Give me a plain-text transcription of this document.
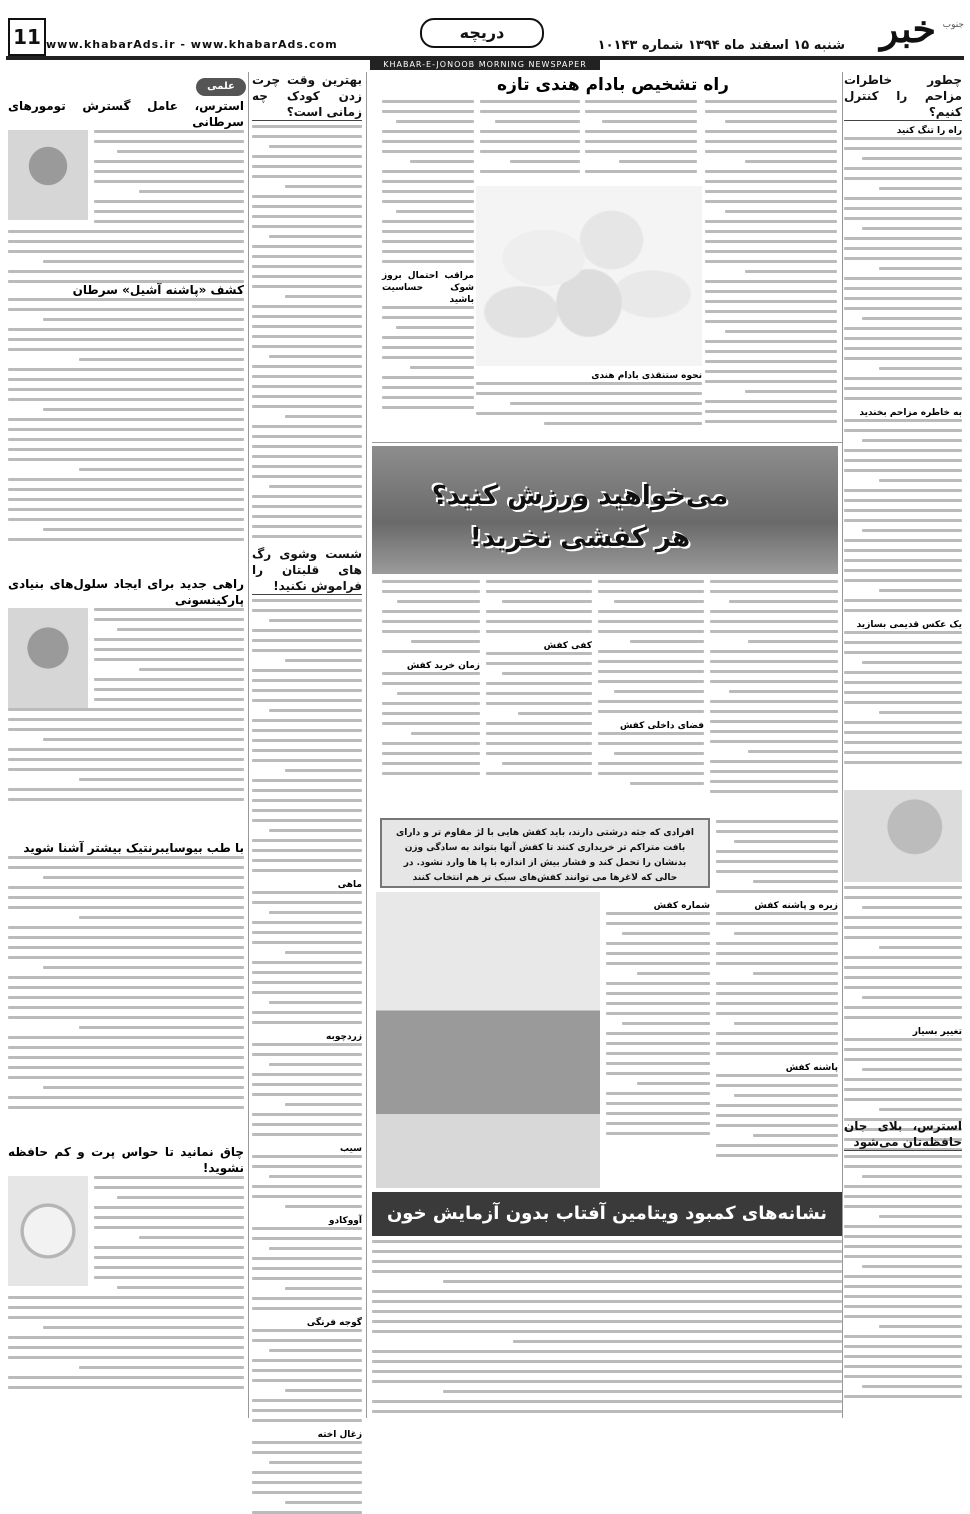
خبر جنوب
شنبه ۱۵ اسفند ماه ۱۳۹۴ شماره ۱۰۱۴۳
دریچه
www.khabarAds.ir - www.khabarAds.com
11
KHABAR-E-JONOOB MORNING NEWSPAPER
چطور خاطرات مزاحم را کنترل کنیم؟
راه را تنگ کنید
به خاطره مزاحم بخندید
یک عکس قدیمی بسازید
تغییر بسیار
استرس، بلای جان حافظه‌تان می‌شود
راه تشخیص بادام هندی تازه
مراقب احتمال بروز شوک حساسیت باشید
نحوه ستنقذی بادام هندی
می‌خواهید ورزش کنید؟
هر کفشی نخرید!
فضای داخلی کفش
کفی کفش
زمان خرید کفش
افرادی که جثه درشتی دارند، باید کفش هایی با لژ مقاوم تر و دارای بافت متراکم تر خریداری کنند تا کفش آنها بتواند به سادگی وزن بدنشان را تحمل کند و فشار بیش از اندازه با پا ها وارد نشود. در حالی که لاغرها می توانند کفش‌های سبک تر هم انتخاب کنند
زیره و پاشنه کفش
پاشنه کفش
شماره کفش
نشانه‌های کمبود ویتامین آفتاب بدون آزمایش خون
بهترین وقت چرت زدن کودک چه زمانی است؟
شست وشوی رگ های قلبتان را فراموش نکنید!
ماهی
زردچوبه
سیب
آووکادو
گوجه فرنگی
زغال اخته
علمی
استرس، عامل گسترش تومورهای سرطانی
کشف «پاشنه آشیل» سرطان
راهی جدید برای ایجاد سلول‌های بنیادی پارکینسونی
با طب بیوسایبرنتیک بیشتر آشنا شوید
چاق نمانید تا حواس پرت و کم حافظه نشوید!
